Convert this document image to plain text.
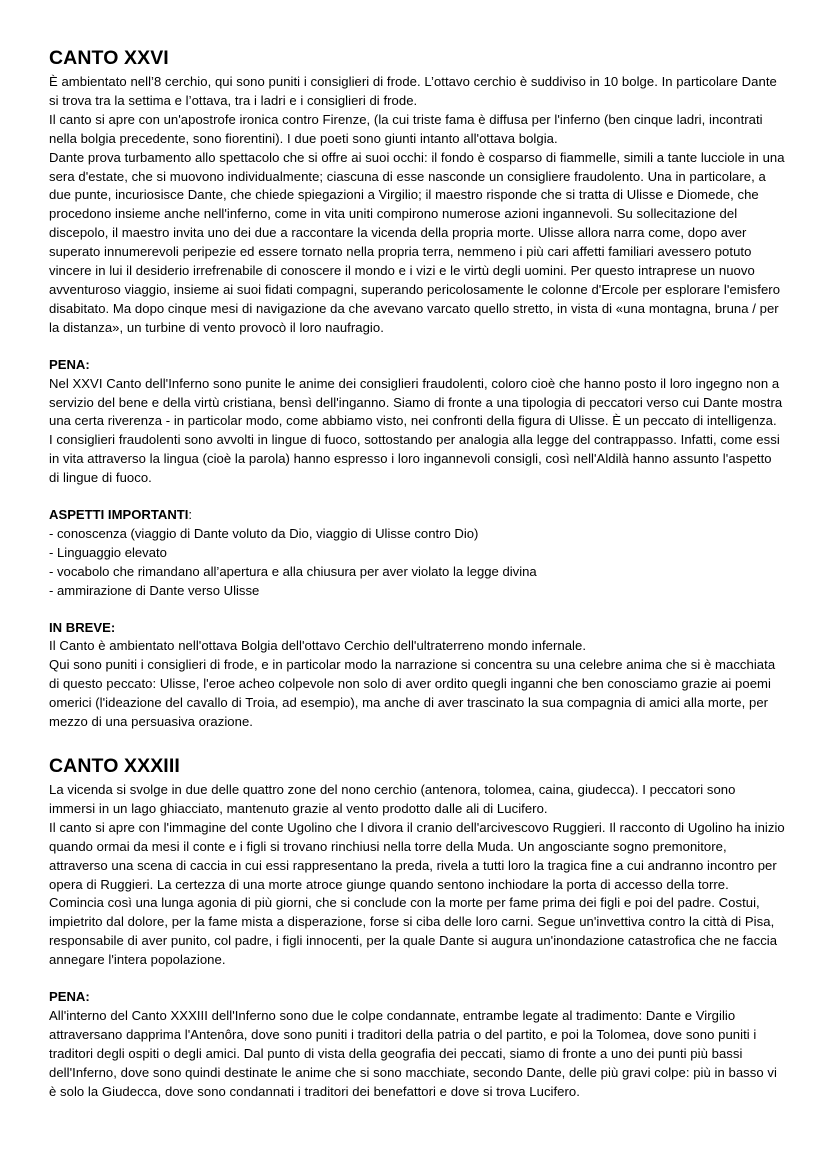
CANTO XXVI

È ambientato nell’8 cerchio, qui sono puniti i consiglieri di frode. L’ottavo cerchio è suddiviso in 10 bolge. In particolare Dante si trova tra la settima e l’ottava, tra i ladri e i consiglieri di frode.

Il canto si apre con un'apostrofe ironica contro Firenze, (la cui triste fama è diffusa per l'inferno (ben cinque ladri, incontrati nella bolgia precedente, sono fiorentini). I due poeti sono giunti intanto all'ottava bolgia.

Dante prova turbamento allo spettacolo che si offre ai suoi occhi: il fondo è cosparso di fiammelle, simili a tante lucciole in una sera d'estate, che si muovono individualmente; ciascuna di esse nasconde un consigliere fraudolento. Una in particolare, a due punte, incuriosisce Dante, che chiede spiegazioni a Virgilio; il maestro risponde che si tratta di Ulisse e Diomede, che procedono insieme anche nell'inferno, come in vita uniti compirono numerose azioni ingannevoli. Su sollecitazione del discepolo, il maestro invita uno dei due a raccontare la vicenda della propria morte. Ulisse allora narra come, dopo aver superato innumerevoli peripezie ed essere tornato nella propria terra, nemmeno i più cari affetti familiari avessero potuto vincere in lui il desiderio irrefrenabile di conoscere il mondo e i vizi e le virtù degli uomini. Per questo intraprese un nuovo avventuroso viaggio, insieme ai suoi fidati compagni, superando pericolosamente le colonne d'Ercole per esplorare l'emisfero disabitato. Ma dopo cinque mesi di navigazione da che avevano varcato quello stretto, in vista di «una montagna, bruna / per la distanza», un turbine di vento provocò il loro naufragio.

PENA:

Nel XXVI Canto dell'Inferno sono punite le anime dei consiglieri fraudolenti, coloro cioè che hanno posto il loro ingegno non a servizio del bene e della virtù cristiana, bensì dell'inganno. Siamo di fronte a una tipologia di peccatori verso cui Dante mostra una certa riverenza - in particolar modo, come abbiamo visto, nei confronti della figura di Ulisse. È un peccato di intelligenza.

I consiglieri fraudolenti sono avvolti in lingue di fuoco, sottostando per analogia alla legge del contrappasso. Infatti, come essi in vita attraverso la lingua (cioè la parola) hanno espresso i loro ingannevoli consigli, così nell'Aldilà hanno assunto l'aspetto di lingue di fuoco.

ASPETTI IMPORTANTI:
- conoscenza (viaggio di Dante voluto da Dio, viaggio di Ulisse contro Dio)
- Linguaggio elevato
- vocabolo che rimandano all’apertura e alla chiusura per aver violato la legge divina
- ammirazione di Dante verso Ulisse
IN BREVE:

Il Canto è ambientato nell'ottava Bolgia dell'ottavo Cerchio dell'ultraterreno mondo infernale.

Qui sono puniti i consiglieri di frode, e in particolar modo la narrazione si concentra su una celebre anima che si è macchiata di questo peccato: Ulisse, l'eroe acheo colpevole non solo di aver ordito quegli inganni che ben conosciamo grazie ai poemi omerici (l'ideazione del cavallo di Troia, ad esempio), ma anche di aver trascinato la sua compagnia di amici alla morte, per mezzo di una persuasiva orazione.

CANTO XXXIII

La vicenda si svolge in due delle quattro zone del nono cerchio (antenora, tolomea, caina, giudecca). I peccatori sono immersi in un lago ghiacciato, mantenuto grazie al vento prodotto dalle ali di Lucifero.

Il canto si apre con l'immagine del conte Ugolino che l divora il cranio dell'arcivescovo Ruggieri. Il racconto di Ugolino ha inizio quando ormai da mesi il conte e i figli si trovano rinchiusi nella torre della Muda. Un angosciante sogno premonitore, attraverso una scena di caccia in cui essi rappresentano la preda, rivela a tutti loro la tragica fine a cui andranno incontro per opera di Ruggieri. La certezza di una morte atroce giunge quando sentono inchiodare la porta di accesso della torre. Comincia così una lunga agonia di più giorni, che si conclude con la morte per fame prima dei figli e poi del padre. Costui, impietrito dal dolore, per la fame mista a disperazione, forse si ciba delle loro carni. Segue un'invettiva contro la città di Pisa, responsabile di aver punito, col padre, i figli innocenti, per la quale Dante si augura un'inondazione catastrofica che ne faccia annegare l'intera popolazione.

PENA:

All'interno del Canto XXXIII dell'Inferno sono due le colpe condannate, entrambe legate al tradimento: Dante e Virgilio attraversano dapprima l'Antenôra, dove sono puniti i traditori della patria o del partito, e poi la Tolomea, dove sono puniti i traditori degli ospiti o degli amici. Dal punto di vista della geografia dei peccati, siamo di fronte a uno dei punti più bassi dell'Inferno, dove sono quindi destinate le anime che si sono macchiate, secondo Dante, delle più gravi colpe: più in basso vi è solo la Giudecca, dove sono condannati i traditori dei benefattori e dove si trova Lucifero.
